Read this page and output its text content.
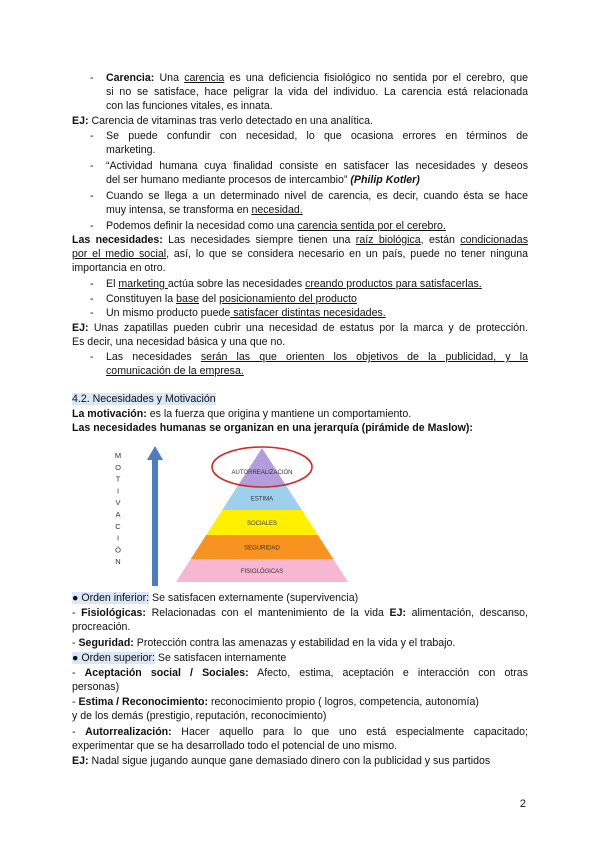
- Carencia: Una carencia es una deficiencia fisiológico no sentida por el cerebro, que
si no se satisface, hace peligrar la vida del individuo. La carencia está relacionada
con las funciones vitales, es innata.
EJ: Carencia de vitaminas tras verlo detectado en una analítica.
- Se puede confundir con necesidad, lo que ocasiona errores en términos de
marketing.
- “Actividad humana cuya finalidad consiste en satisfacer las necesidades y deseos
del ser humano mediante procesos de intercambio” (Philip Kotler)
- Cuando se llega a un determinado nivel de carencia, es decir, cuando ésta se hace
muy intensa, se transforma en necesidad.
- Podemos definir la necesidad como una carencia sentida por el cerebro.
Las necesidades: Las necesidades siempre tienen una raíz biológica, están condicionadas
por el medio social, así, lo que se considera necesario en un país, puede no tener ninguna
importancia en otro.
- El marketing actúa sobre las necesidades creando productos para satisfacerlas.
- Constituyen la base del posicionamiento del producto
- Un mismo producto puede satisfacer distintas necesidades.
EJ: Unas zapatillas pueden cubrir una necesidad de estatus por la marca y de protección.
Es decir, una necesidad básica y una que no.
- Las necesidades serán las que orienten los objetivos de la publicidad, y la
comunicación de la empresa.
4.2. Necesidades y Motivación
La motivación: es la fuerza que origina y mantiene un comportamiento.
Las necesidades humanas se organizan en una jerarquía (pirámide de Maslow):
M
O
T
I
V
A
C
I
Ó
N
AUTORREALIZACIÓN
ESTIMA
SOCIALES
SEGURIDAD
FISIOLÓGICAS
● Orden inferior: Se satisfacen externamente (supervivencia)
- Fisiológicas: Relacionadas con el mantenimiento de la vida EJ: alimentación, descanso,
procreación.
- Seguridad: Protección contra las amenazas y estabilidad en la vida y el trabajo.
● Orden superior: Se satisfacen internamente
- Aceptación social / Sociales: Afecto, estima, aceptación e interacción con otras
personas)
- Estima / Reconocimiento: reconocimiento propio ( logros, competencia, autonomía)
y de los demás (prestigio, reputación, reconocimiento)
- Autorrealización: Hacer aquello para lo que uno está especialmente capacitado;
experimentar que se ha desarrollado todo el potencial de uno mismo.
EJ: Nadal sigue jugando aunque gane demasiado dinero con la publicidad y sus partidos
2
